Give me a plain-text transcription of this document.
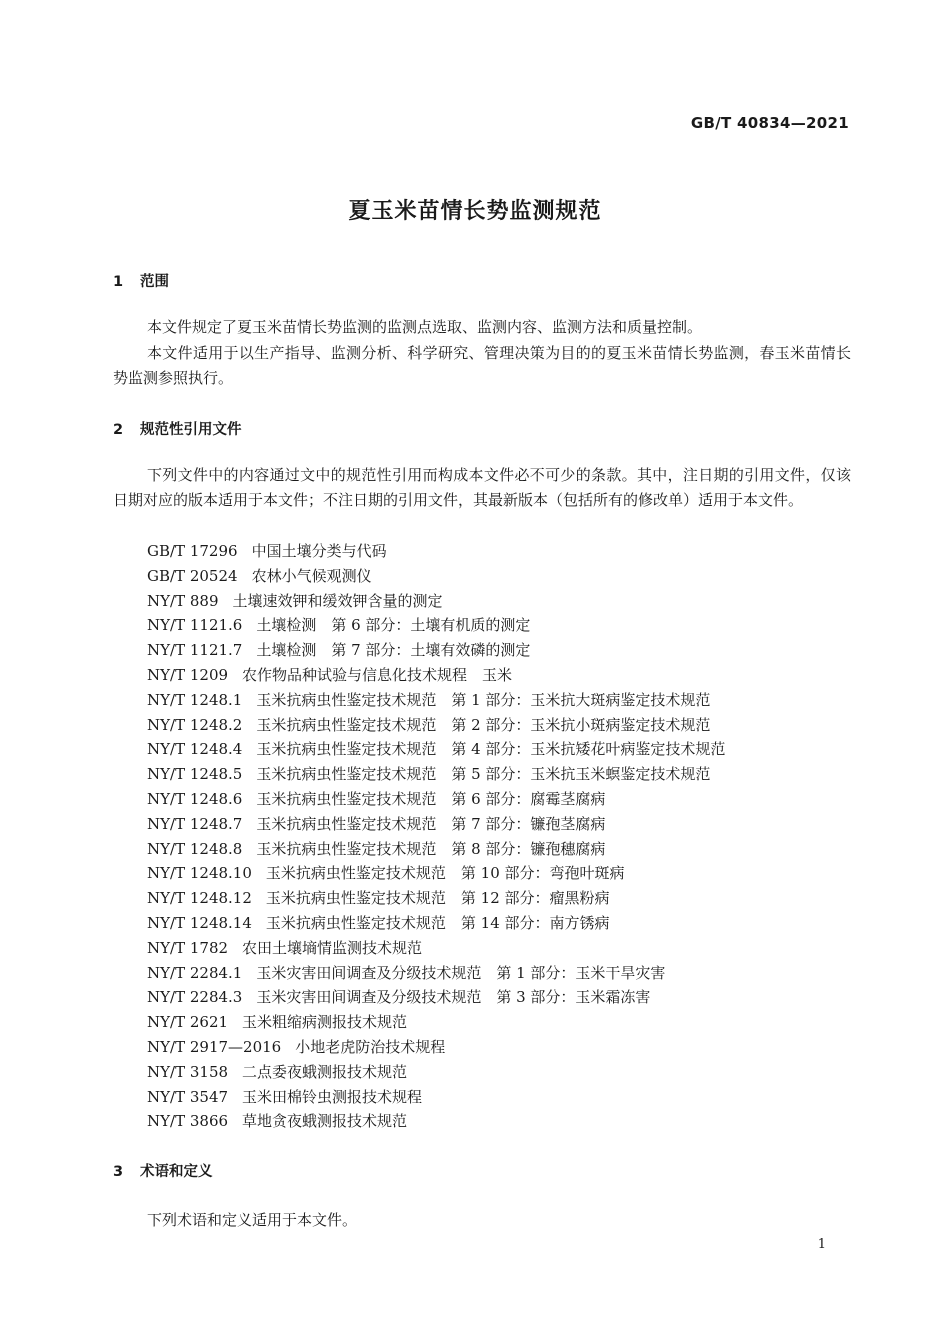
GB/T 40834—2021
夏玉米苗情长势监测规范
1 范围

本文件规定了夏玉米苗情长势监测的监测点选取、监测内容、监测方法和质量控制。

本文件适用于以生产指导、监测分析、科学研究、管理决策为目的的夏玉米苗情长势监测，春玉米苗情长势监测参照执行。

2 规范性引用文件

下列文件中的内容通过文中的规范性引用而构成本文件必不可少的条款。其中，注日期的引用文件，仅该日期对应的版本适用于本文件；不注日期的引用文件，其最新版本（包括所有的修改单）适用于本文件。

GB/T 17296 中国土壤分类与代码
GB/T 20524 农林小气候观测仪
NY/T 889 土壤速效钾和缓效钾含量的测定
NY/T 1121.6 土壤检测　第 6 部分：土壤有机质的测定
NY/T 1121.7 土壤检测　第 7 部分：土壤有效磷的测定
NY/T 1209 农作物品种试验与信息化技术规程　玉米
NY/T 1248.1 玉米抗病虫性鉴定技术规范　第 1 部分：玉米抗大斑病鉴定技术规范
NY/T 1248.2 玉米抗病虫性鉴定技术规范　第 2 部分：玉米抗小斑病鉴定技术规范
NY/T 1248.4 玉米抗病虫性鉴定技术规范　第 4 部分：玉米抗矮花叶病鉴定技术规范
NY/T 1248.5 玉米抗病虫性鉴定技术规范　第 5 部分：玉米抗玉米螟鉴定技术规范
NY/T 1248.6 玉米抗病虫性鉴定技术规范　第 6 部分：腐霉茎腐病
NY/T 1248.7 玉米抗病虫性鉴定技术规范　第 7 部分：镰孢茎腐病
NY/T 1248.8 玉米抗病虫性鉴定技术规范　第 8 部分：镰孢穗腐病
NY/T 1248.10 玉米抗病虫性鉴定技术规范　第 10 部分：弯孢叶斑病
NY/T 1248.12 玉米抗病虫性鉴定技术规范　第 12 部分：瘤黑粉病
NY/T 1248.14 玉米抗病虫性鉴定技术规范　第 14 部分：南方锈病
NY/T 1782 农田土壤墒情监测技术规范
NY/T 2284.1 玉米灾害田间调查及分级技术规范　第 1 部分：玉米干旱灾害
NY/T 2284.3 玉米灾害田间调查及分级技术规范　第 3 部分：玉米霜冻害
NY/T 2621 玉米粗缩病测报技术规范
NY/T 2917—2016 小地老虎防治技术规程
NY/T 3158 二点委夜蛾测报技术规范
NY/T 3547 玉米田棉铃虫测报技术规程
NY/T 3866 草地贪夜蛾测报技术规范
3 术语和定义

下列术语和定义适用于本文件。

1
